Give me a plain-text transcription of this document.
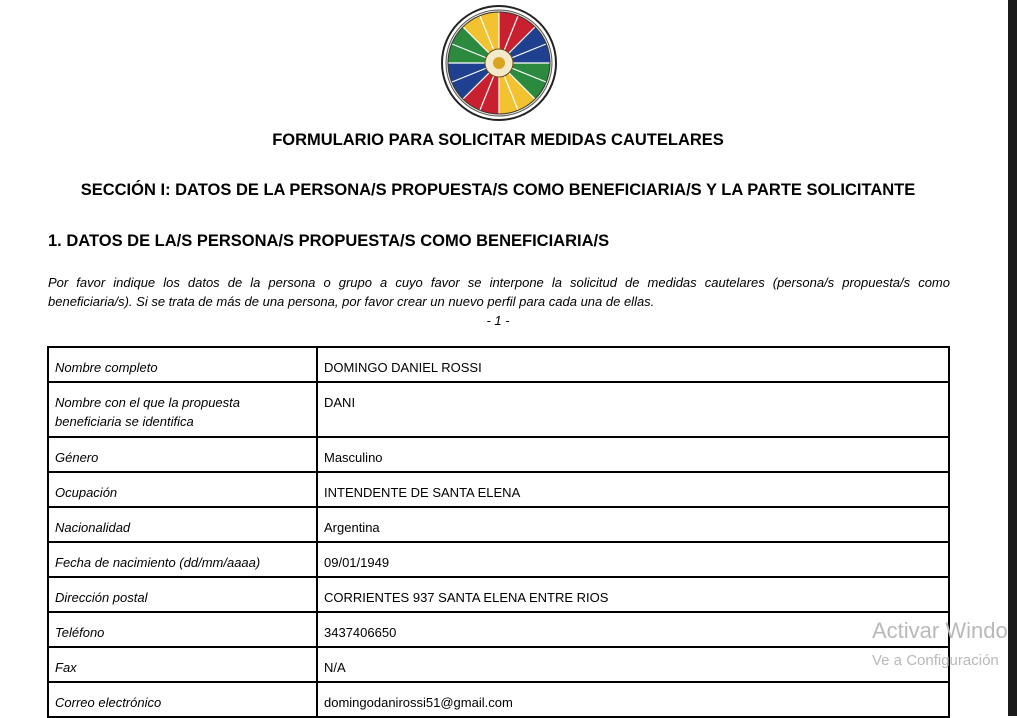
FORMULARIO PARA SOLICITAR MEDIDAS CAUTELARES
SECCIÓN I: DATOS DE LA PERSONA/S PROPUESTA/S COMO BENEFICIARIA/S Y LA PARTE SOLICITANTE
1. DATOS DE LA/S PERSONA/S PROPUESTA/S COMO BENEFICIARIA/S
Por favor indique los datos de la persona o grupo a cuyo favor se interpone la solicitud de medidas cautelares (persona/s propuesta/s como
beneficiaria/s). Si se trata de más de una persona, por favor crear un nuevo perfil para cada una de ellas.
- 1 -
Nombre completo	DOMINGO DANIEL ROSSI
Nombre con el que la propuesta beneficiaria se identifica	DANI
Género	Masculino
Ocupación	INTENDENTE DE SANTA ELENA
Nacionalidad	Argentina
Fecha de nacimiento (dd/mm/aaaa)	09/01/1949
Dirección postal	CORRIENTES 937 SANTA ELENA ENTRE RIOS
Teléfono	3437406650
Fax	N/A
Correo electrónico	domingodanirossi51@gmail.com
Activar Windo
Ve a Configuración
